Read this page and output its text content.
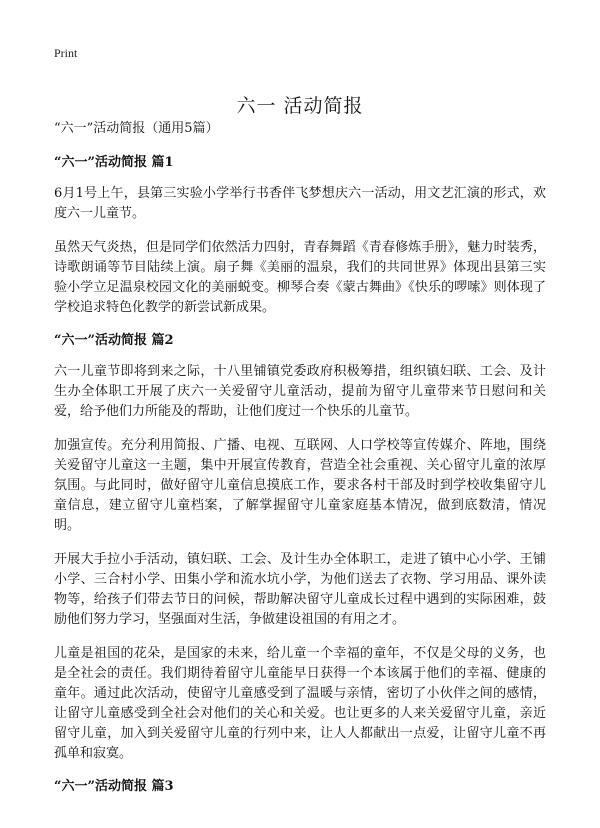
Print
六一 活动简报

“六一”活动简报（通用5篇）

“六一”活动简报 篇1

6月1号上午，县第三实验小学举行书香伴飞梦想庆六一活动，用文艺汇演的形式，欢度六一儿童节。

虽然天气炎热，但是同学们依然活力四射，青春舞蹈《青春修炼手册》，魅力时装秀，诗歌朗诵等节目陆续上演。扇子舞《美丽的温泉，我们的共同世界》体现出县第三实验小学立足温泉校园文化的美丽蜕变。柳琴合奏《蒙古舞曲》《快乐的啰嗦》则体现了学校追求特色化教学的新尝试新成果。

“六一”活动简报 篇2

六一儿童节即将到来之际，十八里铺镇党委政府积极筹措，组织镇妇联、工会、及计生办全体职工开展了庆六一关爱留守儿童活动，提前为留守儿童带来节日慰问和关爱，给予他们力所能及的帮助，让他们度过一个快乐的儿童节。

加强宣传。充分利用简报、广播、电视、互联网、人口学校等宣传媒介、阵地，围绕关爱留守儿童这一主题，集中开展宣传教育，营造全社会重视、关心留守儿童的浓厚氛围。与此同时，做好留守儿童信息摸底工作，要求各村干部及时到学校收集留守儿童信息，建立留守儿童档案，了解掌握留守儿童家庭基本情况，做到底数清，情况明。

开展大手拉小手活动，镇妇联、工会、及计生办全体职工，走进了镇中心小学、王铺小学、三合村小学、田集小学和流水坑小学，为他们送去了衣物、学习用品、课外读物等，给孩子们带去节日的问候，帮助解决留守儿童成长过程中遇到的实际困难，鼓励他们努力学习，坚强面对生活，争做建设祖国的有用之才。

儿童是祖国的花朵，是国家的未来，给儿童一个幸福的童年，不仅是父母的义务，也是全社会的责任。我们期待着留守儿童能早日获得一个本该属于他们的幸福、健康的童年。通过此次活动，使留守儿童感受到了温暖与亲情，密切了小伙伴之间的感情，让留守儿童感受到全社会对他们的关心和关爱。也让更多的人来关爱留守儿童，亲近留守儿童，加入到关爱留守儿童的行列中来，让人人都献出一点爱，让留守儿童不再孤单和寂寞。

“六一”活动简报 篇3
